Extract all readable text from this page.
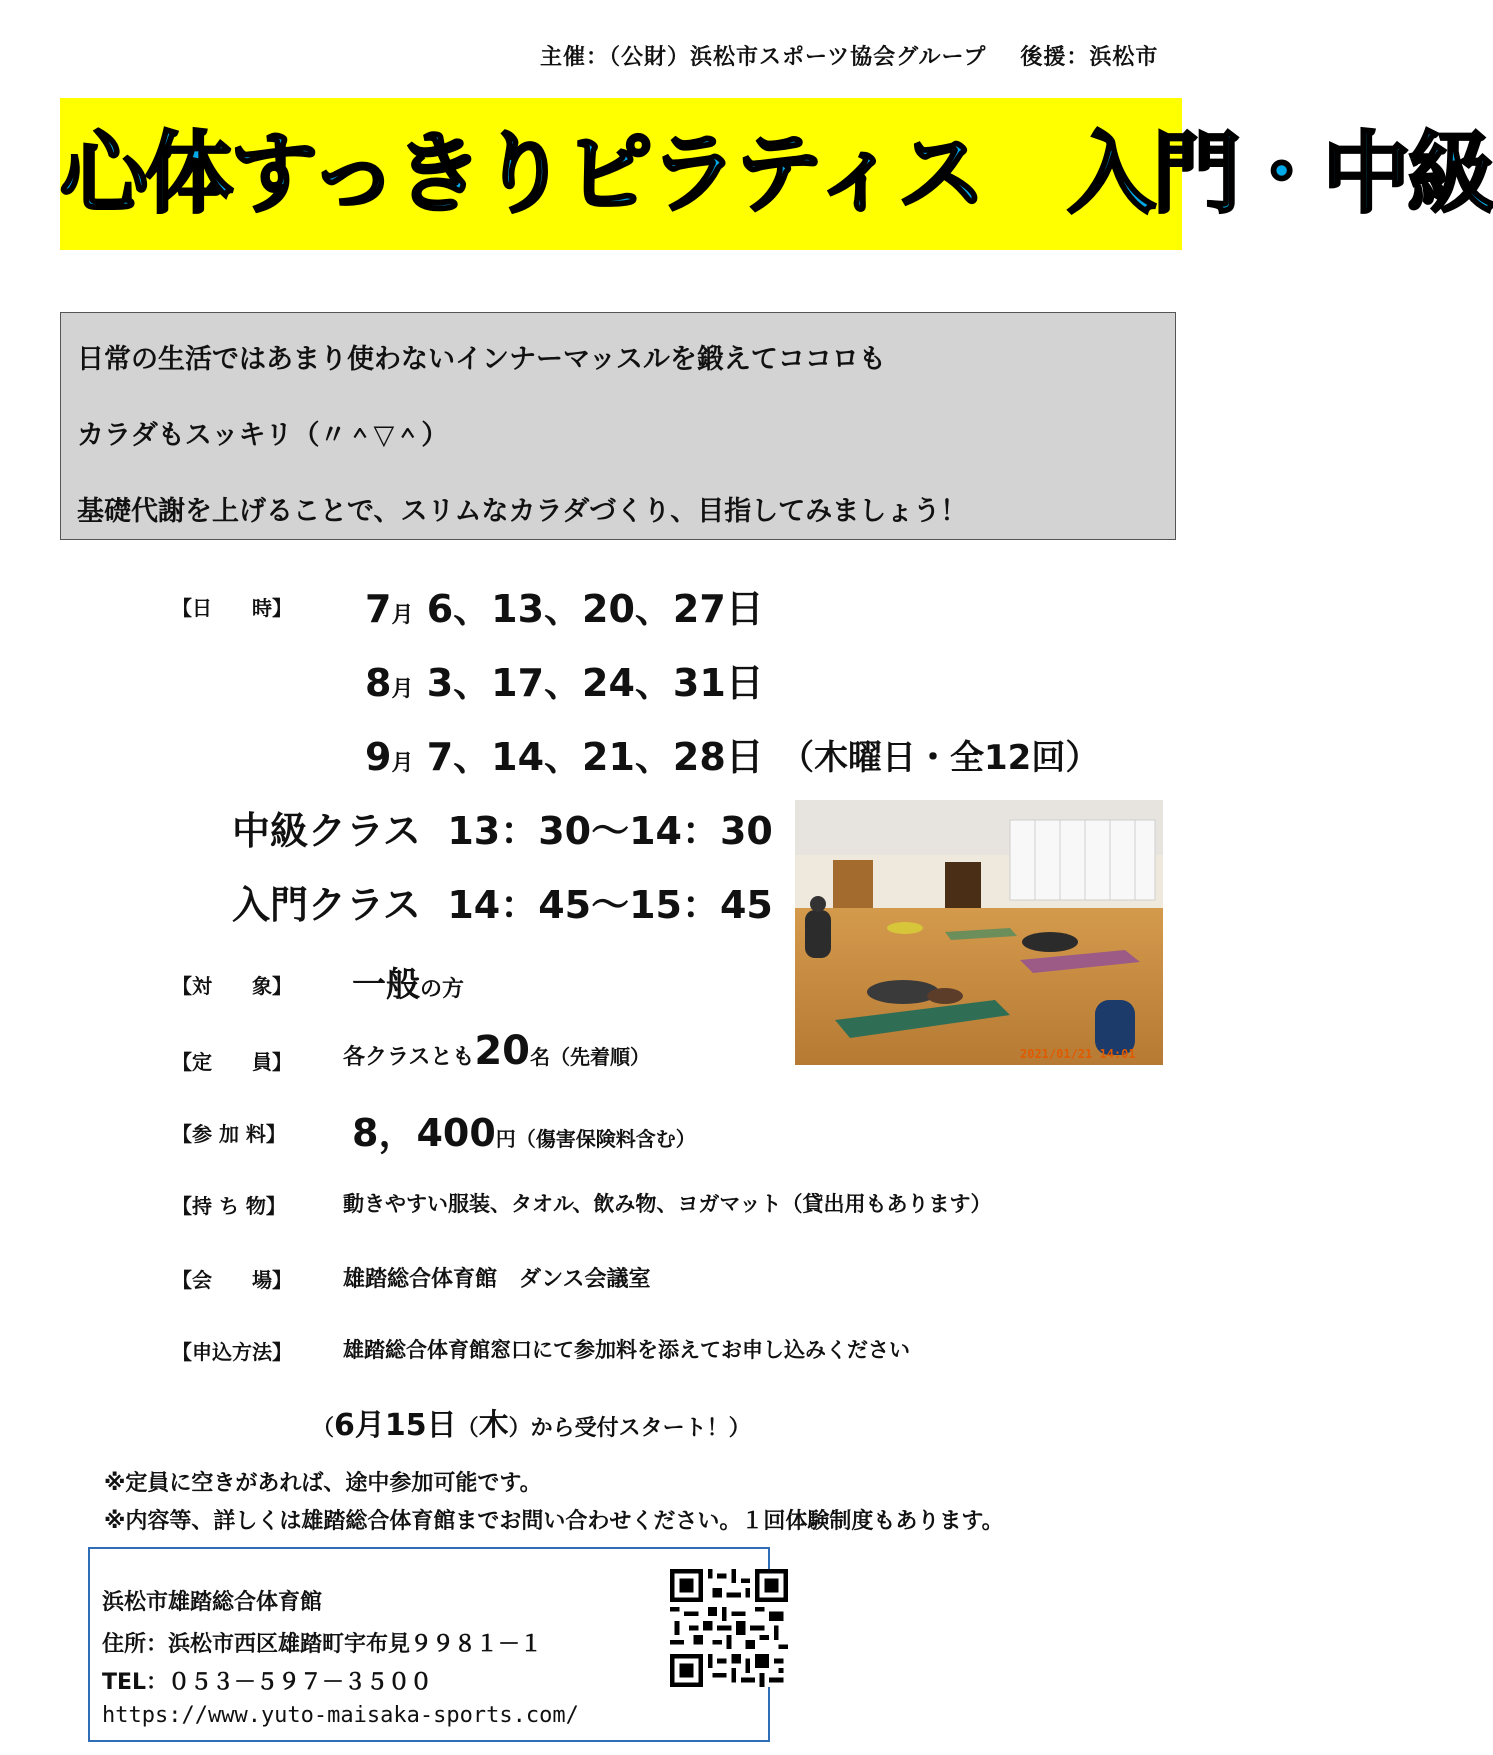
主催：（公財）浜松市スポーツ協会グループ 後援：浜松市
心体すっきりピラティス　入門・中級
日常の生活ではあまり使わないインナーマッスルを鍛えてココロも
カラダもスッキリ（〃＾▽＾）
基礎代謝を上げることで、スリムなカラダづくり、目指してみましょう！
【日　　時】 7月 6、13、20、27日
8月 3、17、24、31日
9月 7、14、21、28日 （木曜日・全12回）
中級クラス 13：30～14：30
入門クラス 14：45～15：45
2021/01/21 14:01
【対　　象】 一般の方
【定　　員】 各クラスとも20名（先着順）
【参 加 料】 8，400円（傷害保険料含む）
【持 ち 物】	動きやすい服装、タオル、飲み物、ヨガマット（貸出用もあります）
【会　　場】 雄踏総合体育館　ダンス会議室
【申込方法】 雄踏総合体育館窓口にて参加料を添えてお申し込みください
（6月15日（木）から受付スタート！）
※定員に空きがあれば、途中参加可能です。
※内容等、詳しくは雄踏総合体育館までお問い合わせください。１回体験制度もあります。
浜松市雄踏総合体育館
住所：浜松市西区雄踏町宇布見９９８１－１
TEL：０５３－５９７－３５００
https://www.yuto-maisaka-sports.com/
